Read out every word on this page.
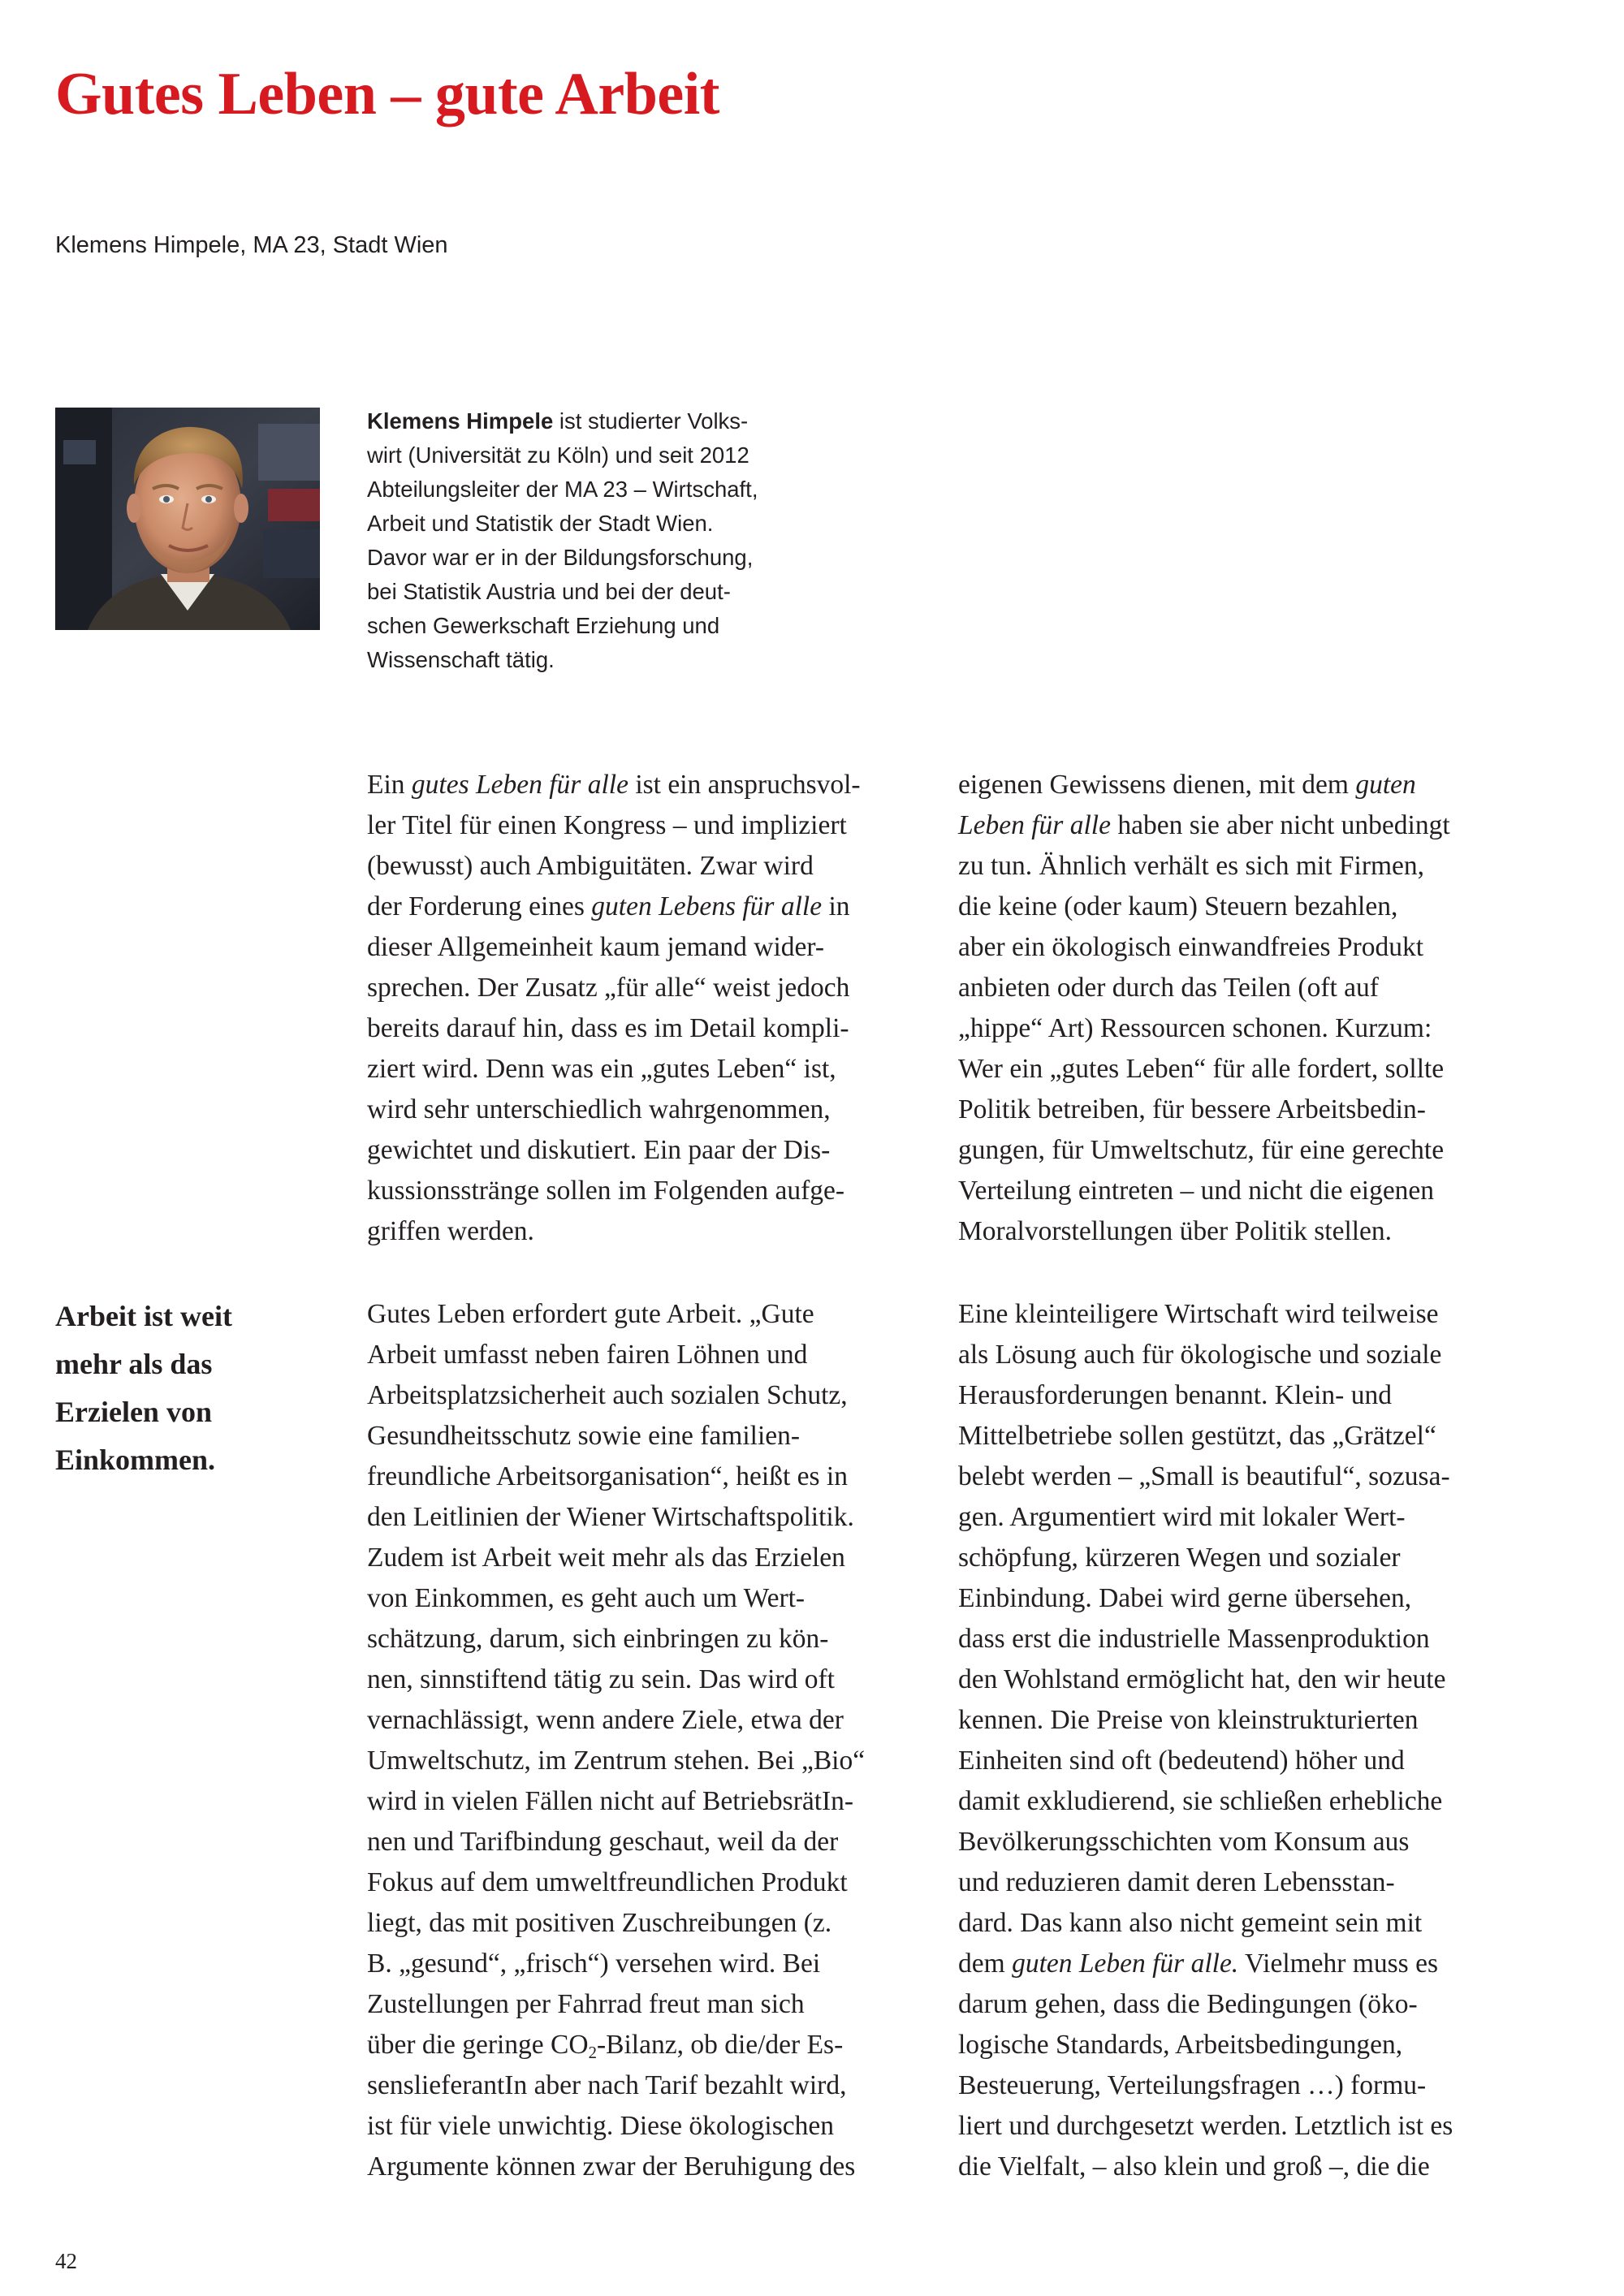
Gutes Leben – gute Arbeit
Klemens Himpele, MA 23, Stadt Wien
Klemens Himpele ist studierter Volks-
wirt (Universität zu Köln) und seit 2012
Abteilungsleiter der MA 23 – Wirtschaft,
Arbeit und Statistik der Stadt Wien.
Davor war er in der Bildungsforschung,
bei Statistik Austria und bei der deut-
schen Gewerkschaft Erziehung und
Wissenschaft tätig.
Ein gutes Leben für alle ist ein anspruchsvol-
ler Titel für einen Kongress – und impliziert
(bewusst) auch Ambiguitäten. Zwar wird
der Forderung eines guten Lebens für alle in
dieser Allgemeinheit kaum jemand wider-
sprechen. Der Zusatz „für alle“ weist jedoch
bereits darauf hin, dass es im Detail kompli-
ziert wird. Denn was ein „gutes Leben“ ist,
wird sehr unterschiedlich wahrgenommen,
gewichtet und diskutiert. Ein paar der Dis-
kussionsstränge sollen im Folgenden aufge-
griffen werden.
eigenen Gewissens dienen, mit dem guten
Leben für alle haben sie aber nicht unbedingt
zu tun. Ähnlich verhält es sich mit Firmen,
die keine (oder kaum) Steuern bezahlen,
aber ein ökologisch einwandfreies Produkt
anbieten oder durch das Teilen (oft auf
„hippe“ Art) Ressourcen schonen. Kurzum:
Wer ein „gutes Leben“ für alle fordert, sollte
Politik betreiben, für bessere Arbeitsbedin-
gungen, für Umweltschutz, für eine gerechte
Verteilung eintreten – und nicht die eigenen
Moralvorstellungen über Politik stellen.
Arbeit ist weit
mehr als das
Erzielen von
Einkommen.
Gutes Leben erfordert gute Arbeit. „Gute
Arbeit umfasst neben fairen Löhnen und
Arbeitsplatzsicherheit auch sozialen Schutz,
Gesundheitsschutz sowie eine familien-
freundliche Arbeitsorganisation“, heißt es in
den Leitlinien der Wiener Wirtschaftspolitik.
Zudem ist Arbeit weit mehr als das Erzielen
von Einkommen, es geht auch um Wert-
schätzung, darum, sich einbringen zu kön-
nen, sinnstiftend tätig zu sein. Das wird oft
vernachlässigt, wenn andere Ziele, etwa der
Umweltschutz, im Zentrum stehen. Bei „Bio“
wird in vielen Fällen nicht auf BetriebsrätIn-
nen und Tarifbindung geschaut, weil da der
Fokus auf dem umweltfreundlichen Produkt
liegt, das mit positiven Zuschreibungen (z.
B. „gesund“, „frisch“) versehen wird. Bei
Zustellungen per Fahrrad freut man sich
über die geringe $CO_2$-Bilanz, ob die/der Es-
senslieferantIn aber nach Tarif bezahlt wird,
ist für viele unwichtig. Diese ökologischen
Argumente können zwar der Beruhigung des
Eine kleinteiligere Wirtschaft wird teilweise
als Lösung auch für ökologische und soziale
Herausforderungen benannt. Klein- und
Mittelbetriebe sollen gestützt, das „Grätzel“
belebt werden – „Small is beautiful“, sozusa-
gen. Argumentiert wird mit lokaler Wert-
schöpfung, kürzeren Wegen und sozialer
Einbindung. Dabei wird gerne übersehen,
dass erst die industrielle Massenproduktion
den Wohlstand ermöglicht hat, den wir heute
kennen. Die Preise von kleinstrukturierten
Einheiten sind oft (bedeutend) höher und
damit exkludierend, sie schließen erhebliche
Bevölkerungsschichten vom Konsum aus
und reduzieren damit deren Lebensstan-
dard. Das kann also nicht gemeint sein mit
dem guten Leben für alle. Vielmehr muss es
darum gehen, dass die Bedingungen (öko-
logische Standards, Arbeitsbedingungen,
Besteuerung, Verteilungsfragen …) formu-
liert und durchgesetzt werden. Letztlich ist es
die Vielfalt, – also klein und groß –, die die
42
